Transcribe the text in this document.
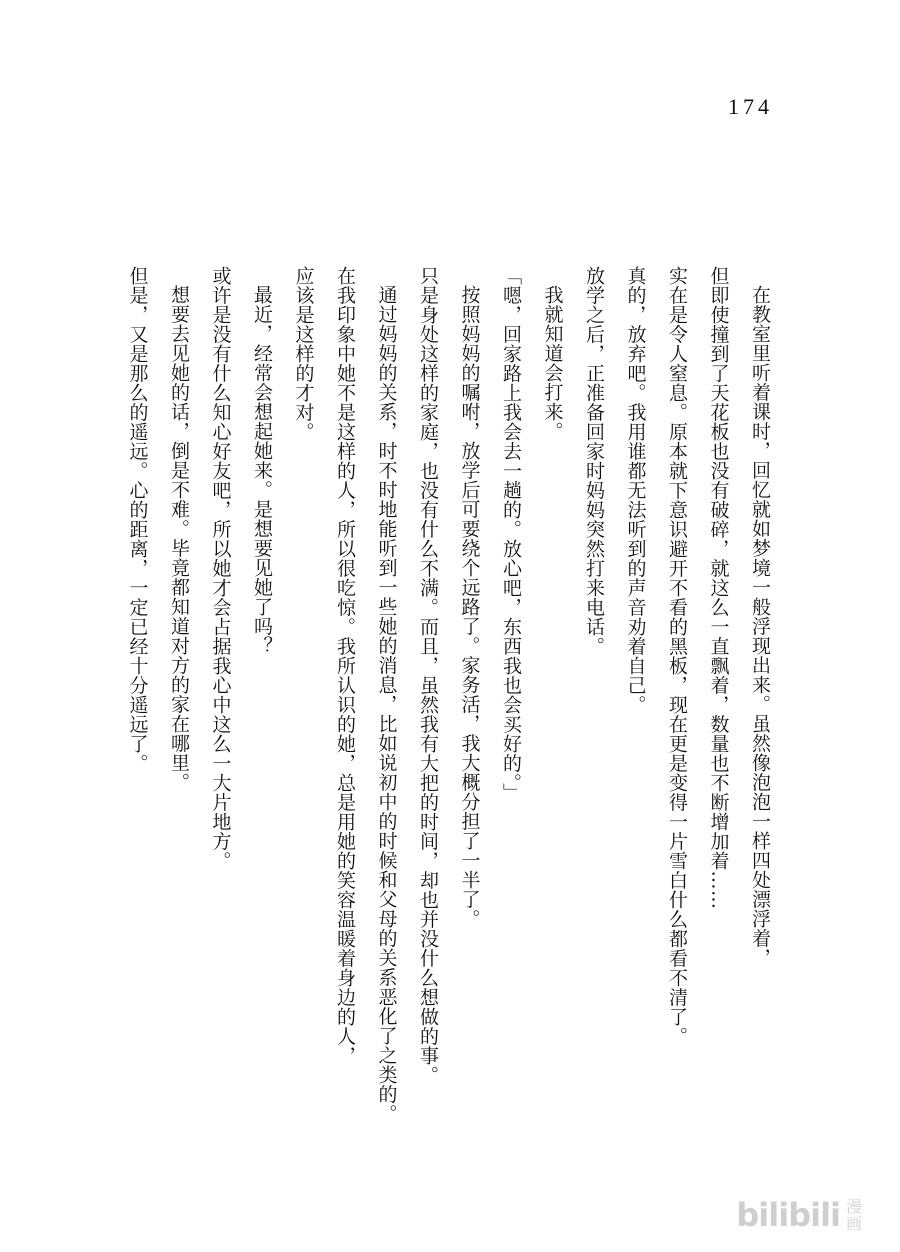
174

在教室里听着课时，回忆就如梦境一般浮现出来。虽然像泡泡一样四处漂浮着，

但即使撞到了天花板也没有破碎，就这么一直飘着，数量也不断增加着……

实在是令人窒息。原本就下意识避开不看的黑板，现在更是变得一片雪白什么都看不清了。

真的，放弃吧。我用谁都无法听到的声音劝着自己。

放学之后，正准备回家时妈妈突然打来电话。

我就知道会打来。

「嗯，回家路上我会去一趟的。放心吧，东西我也会买好的。」

按照妈妈的嘱咐，放学后可要绕个远路了。家务活，我大概分担了一半了。

只是身处这样的家庭，也没有什么不满。而且，虽然我有大把的时间，却也并没什么想做的事。

通过妈妈的关系，时不时地能听到一些她的消息，比如说初中的时候和父母的关系恶化了之类的。

在我印象中她不是这样的人，所以很吃惊。我所认识的她，总是用她的笑容温暖着身边的人，

应该是这样的才对。

最近，经常会想起她来。是想要见她了吗？

或许是没有什么知心好友吧，所以她才会占据我心中这么一大片地方。

想要去见她的话，倒是不难。毕竟都知道对方的家在哪里。

但是，又是那么的遥远。心的距离，一定已经十分遥远了。

bilibili 漫画
